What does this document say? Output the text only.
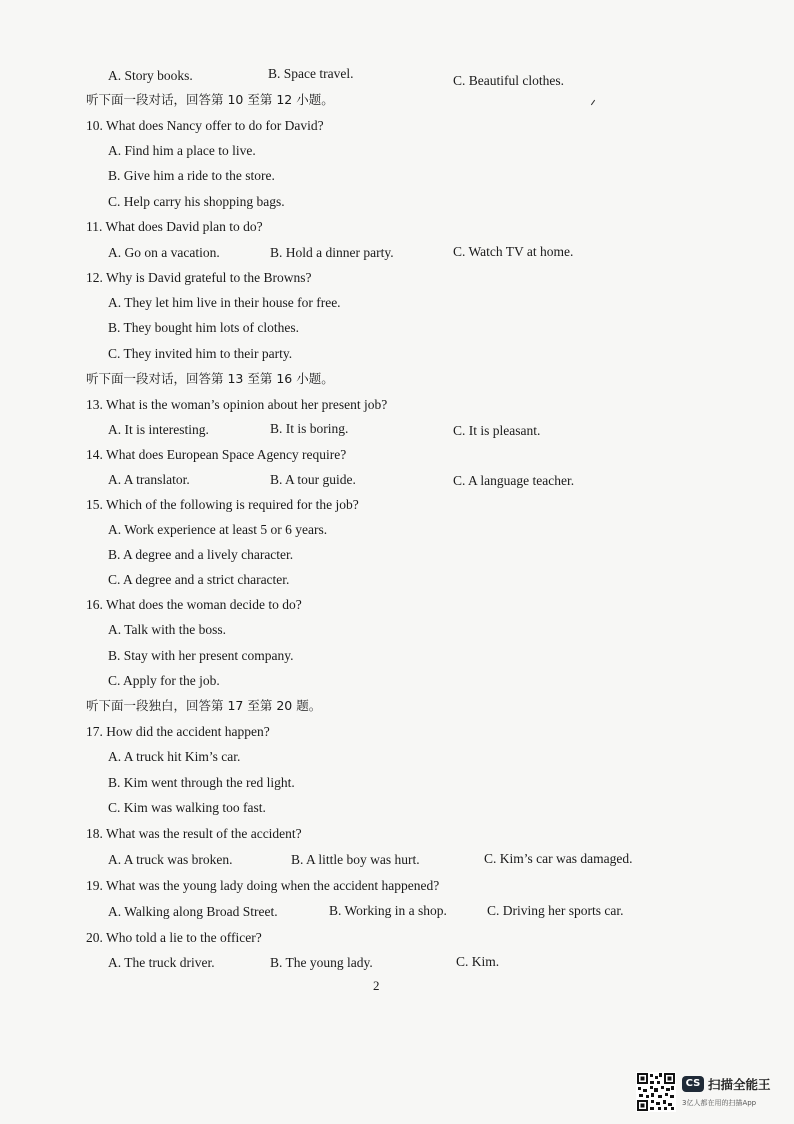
A. Story books.	B. Space travel.	C. Beautiful clothes.
听下面一段对话，回答第 10 至第 12 小题。
10. What does Nancy offer to do for David?
A. Find him a place to live.
B. Give him a ride to the store.
C. Help carry his shopping bags.
11. What does David plan to do?
A. Go on a vacation.	B. Hold a dinner party.	C. Watch TV at home.
12. Why is David grateful to the Browns?
A. They let him live in their house for free.
B. They bought him lots of clothes.
C. They invited him to their party.
听下面一段对话，回答第 13 至第 16 小题。
13. What is the woman’s opinion about her present job?
A. It is interesting.	B. It is boring.	C. It is pleasant.
14. What does European Space Agency require?
A. A translator.	B. A tour guide.	C. A language teacher.
15. Which of the following is required for the job?
A. Work experience at least 5 or 6 years.
B. A degree and a lively character.
C. A degree and a strict character.
16. What does the woman decide to do?
A. Talk with the boss.
B. Stay with her present company.
C. Apply for the job.
听下面一段独白，回答第 17 至第 20 题。
17. How did the accident happen?
A. A truck hit Kim’s car.
B. Kim went through the red light.
C. Kim was walking too fast.
18. What was the result of the accident?
A. A truck was broken.	B. A little boy was hurt.	C. Kim’s car was damaged.
19. What was the young lady doing when the accident happened?
A. Walking along Broad Street.	B. Working in a shop.	C. Driving her sports car.
20. Who told a lie to the officer?
A. The truck driver.	B. The young lady.	C. Kim.
2
CS 扫描全能王
3亿人都在用的扫描App
